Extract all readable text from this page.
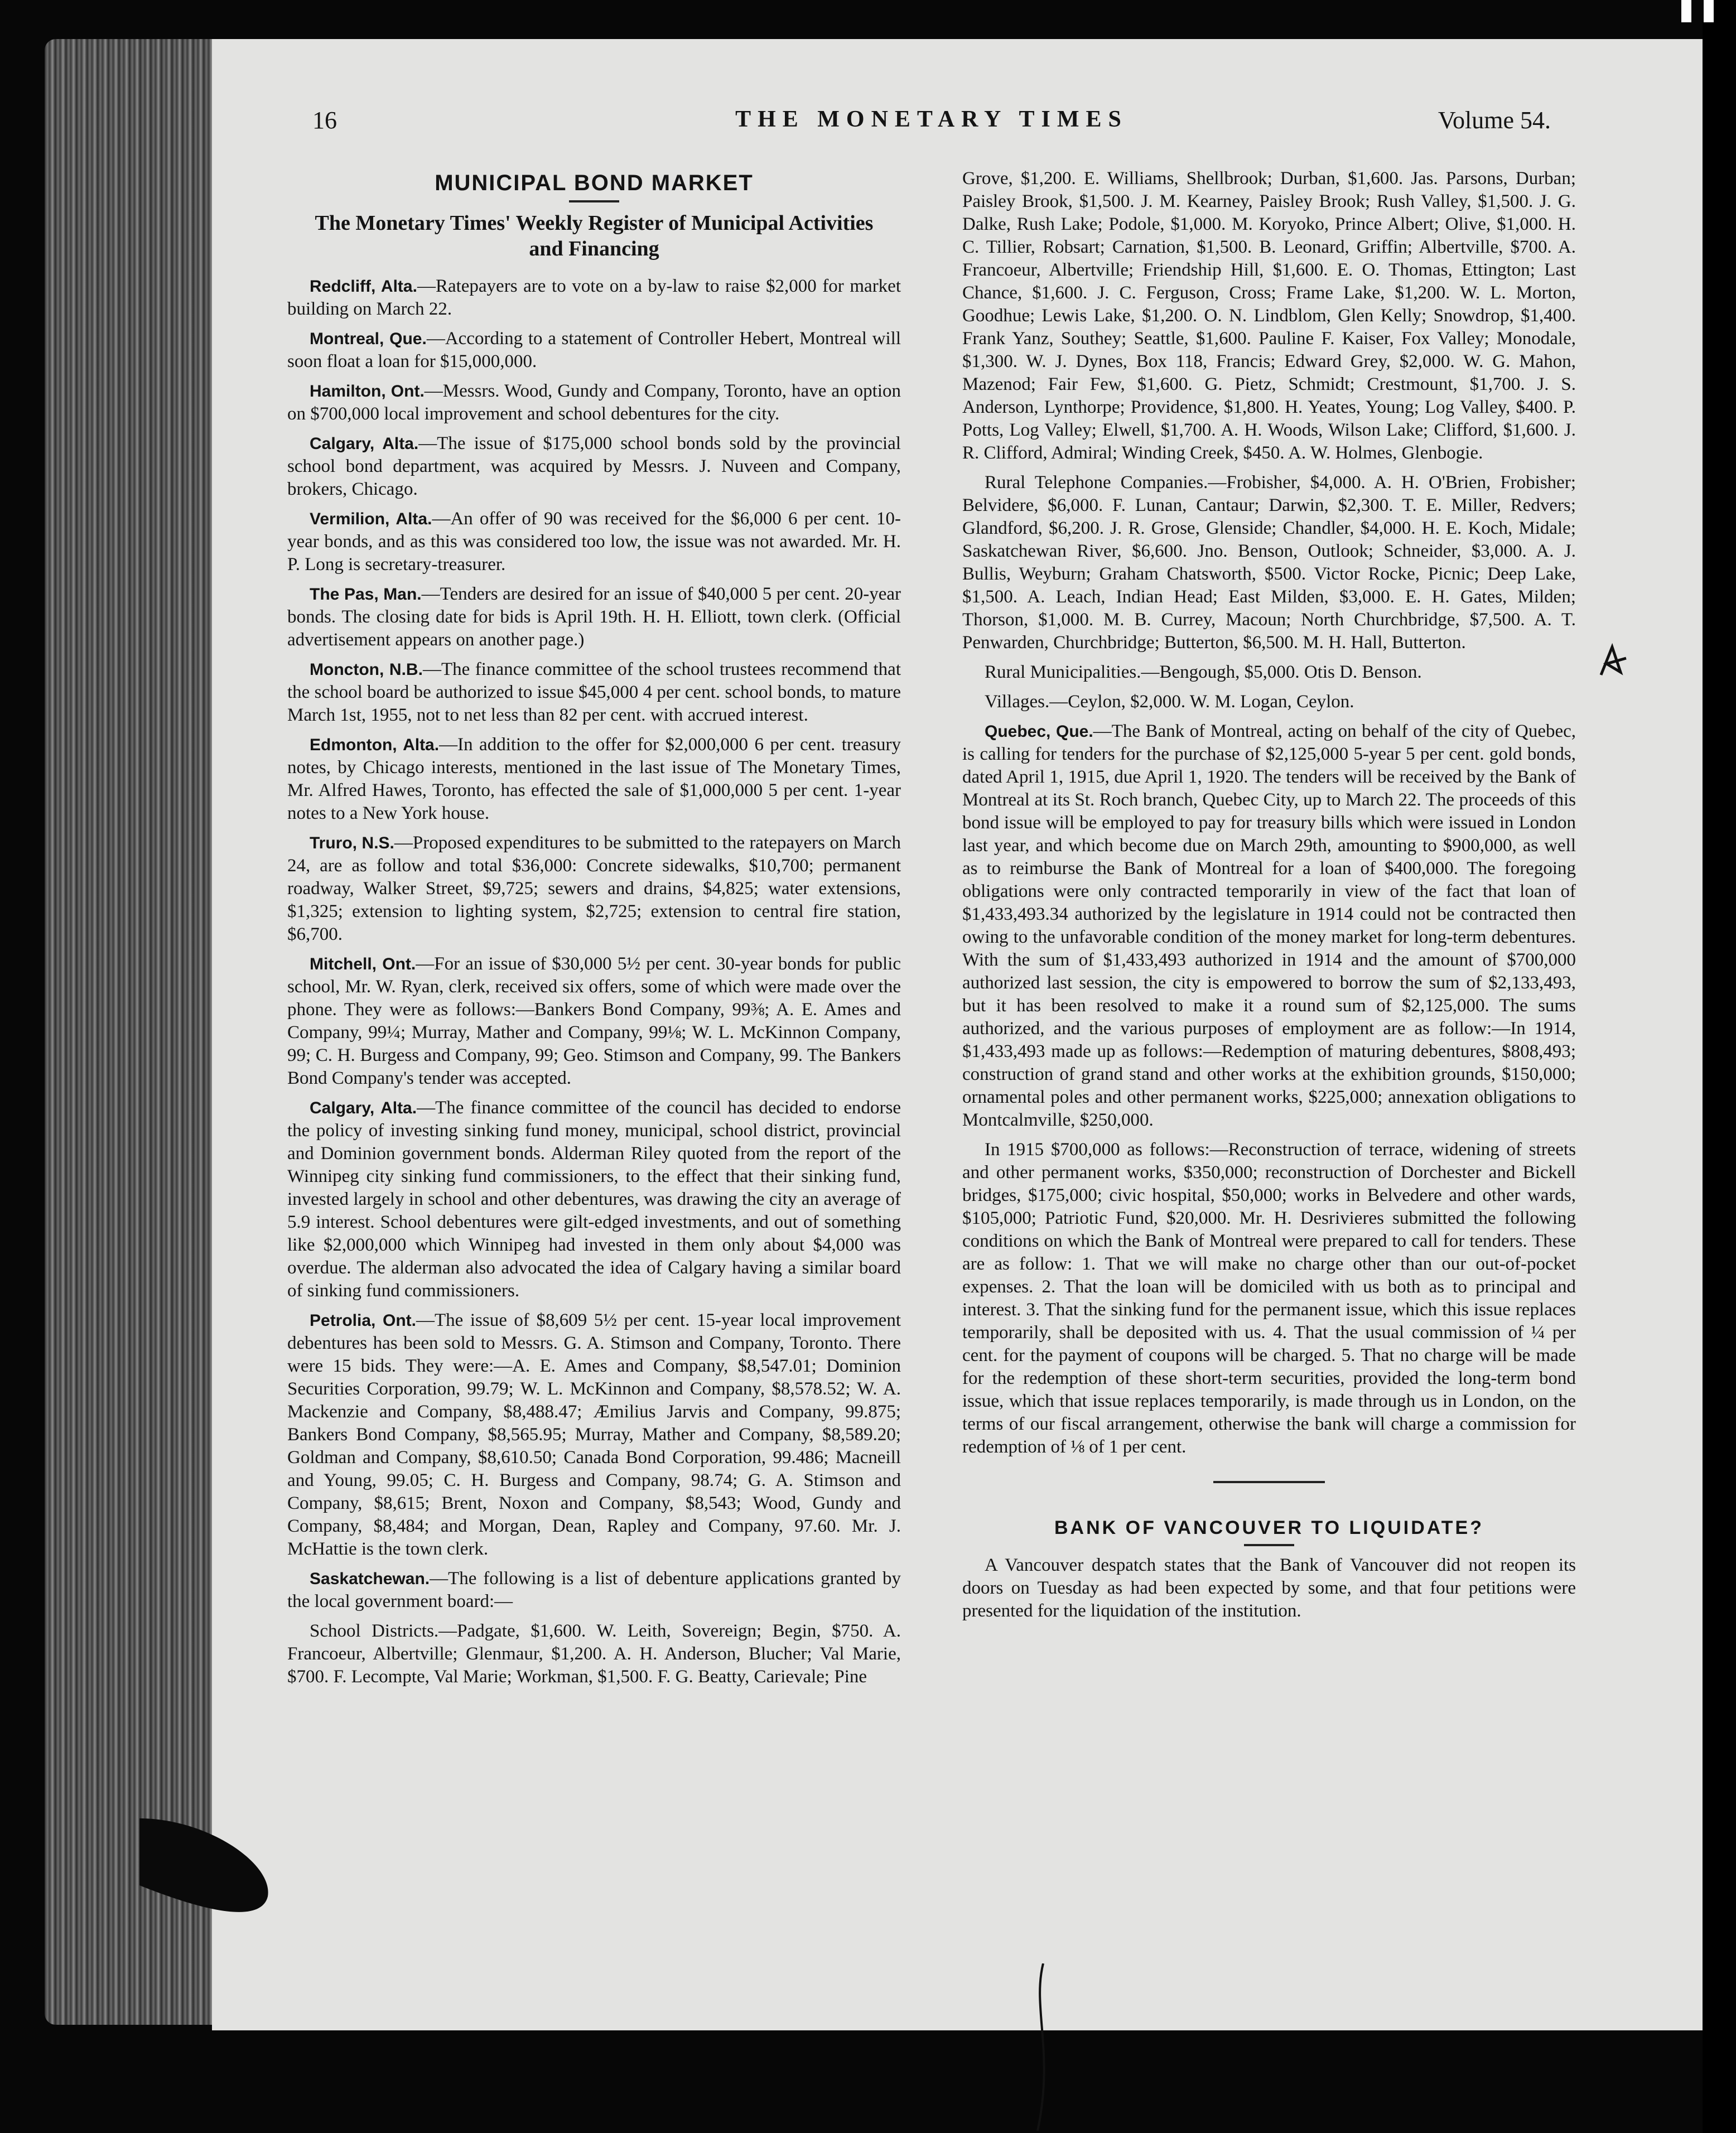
16	THE MONETARY TIMES	Volume 54.
MUNICIPAL BOND MARKET
The Monetary Times' Weekly Register of Municipal Activities and Financing

Redcliff, Alta.—Ratepayers are to vote on a by-law to raise $2,000 for market building on March 22.

Montreal, Que.—According to a statement of Controller Hebert, Montreal will soon float a loan for $15,000,000.

Hamilton, Ont.—Messrs. Wood, Gundy and Company, Toronto, have an option on $700,000 local improvement and school debentures for the city.

Calgary, Alta.—The issue of $175,000 school bonds sold by the provincial school bond department, was acquired by Messrs. J. Nuveen and Company, brokers, Chicago.

Vermilion, Alta.—An offer of 90 was received for the $6,000 6 per cent. 10-year bonds, and as this was considered too low, the issue was not awarded. Mr. H. P. Long is secretary-treasurer.

The Pas, Man.—Tenders are desired for an issue of $40,000 5 per cent. 20-year bonds. The closing date for bids is April 19th. H. H. Elliott, town clerk. (Official advertisement appears on another page.)

Moncton, N.B.—The finance committee of the school trustees recommend that the school board be authorized to issue $45,000 4 per cent. school bonds, to mature March 1st, 1955, not to net less than 82 per cent. with accrued interest.

Edmonton, Alta.—In addition to the offer for $2,000,000 6 per cent. treasury notes, by Chicago interests, mentioned in the last issue of The Monetary Times, Mr. Alfred Hawes, Toronto, has effected the sale of $1,000,000 5 per cent. 1-year notes to a New York house.

Truro, N.S.—Proposed expenditures to be submitted to the ratepayers on March 24, are as follow and total $36,000: Concrete sidewalks, $10,700; permanent roadway, Walker Street, $9,725; sewers and drains, $4,825; water extensions, $1,325; extension to lighting system, $2,725; extension to central fire station, $6,700.

Mitchell, Ont.—For an issue of $30,000 5½ per cent. 30-year bonds for public school, Mr. W. Ryan, clerk, received six offers, some of which were made over the phone. They were as follows:—Bankers Bond Company, 99⅜; A. E. Ames and Company, 99¼; Murray, Mather and Company, 99⅛; W. L. McKinnon Company, 99; C. H. Burgess and Company, 99; Geo. Stimson and Company, 99. The Bankers Bond Company's tender was accepted.

Calgary, Alta.—The finance committee of the council has decided to endorse the policy of investing sinking fund money, municipal, school district, provincial and Dominion government bonds. Alderman Riley quoted from the report of the Winnipeg city sinking fund commissioners, to the effect that their sinking fund, invested largely in school and other debentures, was drawing the city an average of 5.9 interest. School debentures were gilt-edged investments, and out of something like $2,000,000 which Winnipeg had invested in them only about $4,000 was overdue. The alderman also advocated the idea of Calgary having a similar board of sinking fund commissioners.

Petrolia, Ont.—The issue of $8,609 5½ per cent. 15-year local improvement debentures has been sold to Messrs. G. A. Stimson and Company, Toronto. There were 15 bids. They were:—A. E. Ames and Company, $8,547.01; Dominion Securities Corporation, 99.79; W. L. McKinnon and Company, $8,578.52; W. A. Mackenzie and Company, $8,488.47; Æmilius Jarvis and Company, 99.875; Bankers Bond Company, $8,565.95; Murray, Mather and Company, $8,589.20; Goldman and Company, $8,610.50; Canada Bond Corporation, 99.486; Macneill and Young, 99.05; C. H. Burgess and Company, 98.74; G. A. Stimson and Company, $8,615; Brent, Noxon and Company, $8,543; Wood, Gundy and Company, $8,484; and Morgan, Dean, Rapley and Company, 97.60. Mr. J. McHattie is the town clerk.

Saskatchewan.—The following is a list of debenture applications granted by the local government board:—

School Districts.—Padgate, $1,600. W. Leith, Sovereign; Begin, $750. A. Francoeur, Albertville; Glenmaur, $1,200. A. H. Anderson, Blucher; Val Marie, $700. F. Lecompte, Val Marie; Workman, $1,500. F. G. Beatty, Carievale; Pine

Grove, $1,200. E. Williams, Shellbrook; Durban, $1,600. Jas. Parsons, Durban; Paisley Brook, $1,500. J. M. Kearney, Paisley Brook; Rush Valley, $1,500. J. G. Dalke, Rush Lake; Podole, $1,000. M. Koryoko, Prince Albert; Olive, $1,000. H. C. Tillier, Robsart; Carnation, $1,500. B. Leonard, Griffin; Albertville, $700. A. Francoeur, Albertville; Friendship Hill, $1,600. E. O. Thomas, Ettington; Last Chance, $1,600. J. C. Ferguson, Cross; Frame Lake, $1,200. W. L. Morton, Goodhue; Lewis Lake, $1,200. O. N. Lindblom, Glen Kelly; Snowdrop, $1,400. Frank Yanz, Southey; Seattle, $1,600. Pauline F. Kaiser, Fox Valley; Monodale, $1,300. W. J. Dynes, Box 118, Francis; Edward Grey, $2,000. W. G. Mahon, Mazenod; Fair Few, $1,600. G. Pietz, Schmidt; Crestmount, $1,700. J. S. Anderson, Lynthorpe; Providence, $1,800. H. Yeates, Young; Log Valley, $400. P. Potts, Log Valley; Elwell, $1,700. A. H. Woods, Wilson Lake; Clifford, $1,600. J. R. Clifford, Admiral; Winding Creek, $450. A. W. Holmes, Glenbogie.

Rural Telephone Companies.—Frobisher, $4,000. A. H. O'Brien, Frobisher; Belvidere, $6,000. F. Lunan, Cantaur; Darwin, $2,300. T. E. Miller, Redvers; Glandford, $6,200. J. R. Grose, Glenside; Chandler, $4,000. H. E. Koch, Midale; Saskatchewan River, $6,600. Jno. Benson, Outlook; Schneider, $3,000. A. J. Bullis, Weyburn; Graham Chatsworth, $500. Victor Rocke, Picnic; Deep Lake, $1,500. A. Leach, Indian Head; East Milden, $3,000. E. H. Gates, Milden; Thorson, $1,000. M. B. Currey, Macoun; North Churchbridge, $7,500. A. T. Penwarden, Churchbridge; Butterton, $6,500. M. H. Hall, Butterton.

Rural Municipalities.—Bengough, $5,000. Otis D. Benson.

Villages.—Ceylon, $2,000. W. M. Logan, Ceylon.

Quebec, Que.—The Bank of Montreal, acting on behalf of the city of Quebec, is calling for tenders for the purchase of $2,125,000 5-year 5 per cent. gold bonds, dated April 1, 1915, due April 1, 1920. The tenders will be received by the Bank of Montreal at its St. Roch branch, Quebec City, up to March 22. The proceeds of this bond issue will be employed to pay for treasury bills which were issued in London last year, and which become due on March 29th, amounting to $900,000, as well as to reimburse the Bank of Montreal for a loan of $400,000. The foregoing obligations were only contracted temporarily in view of the fact that loan of $1,433,493.34 authorized by the legislature in 1914 could not be contracted then owing to the unfavorable condition of the money market for long-term debentures. With the sum of $1,433,493 authorized in 1914 and the amount of $700,000 authorized last session, the city is empowered to borrow the sum of $2,133,493, but it has been resolved to make it a round sum of $2,125,000. The sums authorized, and the various purposes of employment are as follow:—In 1914, $1,433,493 made up as follows:—Redemption of maturing debentures, $808,493; construction of grand stand and other works at the exhibition grounds, $150,000; ornamental poles and other permanent works, $225,000; annexation obligations to Montcalmville, $250,000.

In 1915 $700,000 as follows:—Reconstruction of terrace, widening of streets and other permanent works, $350,000; reconstruction of Dorchester and Bickell bridges, $175,000; civic hospital, $50,000; works in Belvedere and other wards, $105,000; Patriotic Fund, $20,000. Mr. H. Desrivieres submitted the following conditions on which the Bank of Montreal were prepared to call for tenders. These are as follow: 1. That we will make no charge other than our out-of-pocket expenses. 2. That the loan will be domiciled with us both as to principal and interest. 3. That the sinking fund for the permanent issue, which this issue replaces temporarily, shall be deposited with us. 4. That the usual commission of ¼ per cent. for the payment of coupons will be charged. 5. That no charge will be made for the redemption of these short-term securities, provided the long-term bond issue, which that issue replaces temporarily, is made through us in London, on the terms of our fiscal arrangement, otherwise the bank will charge a commission for redemption of ⅛ of 1 per cent.

BANK OF VANCOUVER TO LIQUIDATE?

A Vancouver despatch states that the Bank of Vancouver did not reopen its doors on Tuesday as had been expected by some, and that four petitions were presented for the liquidation of the institution.
